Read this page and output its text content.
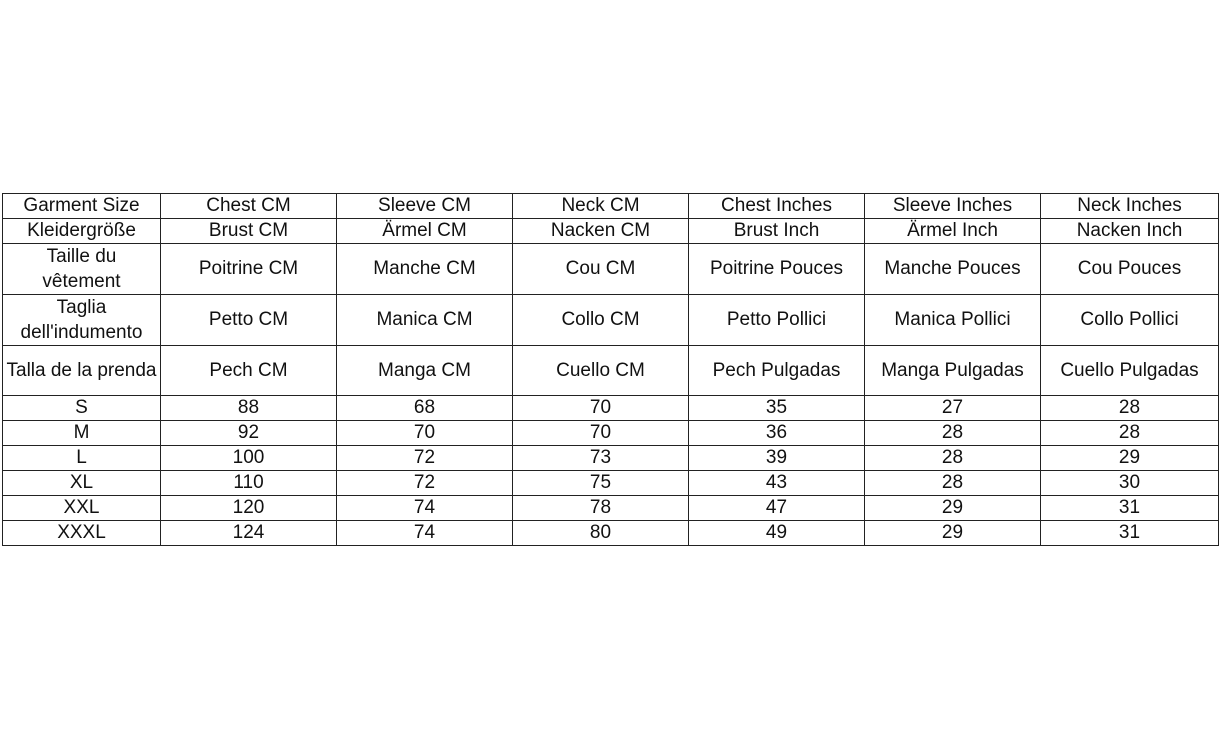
Garment Size	Chest CM	Sleeve CM	Neck CM	Chest Inches	Sleeve Inches	Neck Inches
Kleidergröße	Brust CM	Ärmel CM	Nacken CM	Brust Inch	Ärmel Inch	Nacken Inch
Taille du vêtement	Poitrine CM	Manche CM	Cou CM	Poitrine Pouces	Manche Pouces	Cou Pouces
Taglia dell'indumento	Petto CM	Manica CM	Collo CM	Petto Pollici	Manica Pollici	Collo Pollici
Talla de la prenda	Pech CM	Manga CM	Cuello CM	Pech Pulgadas	Manga Pulgadas	Cuello Pulgadas
S	88	68	70	35	27	28
M	92	70	70	36	28	28
L	100	72	73	39	28	29
XL	110	72	75	43	28	30
XXL	120	74	78	47	29	31
XXXL	124	74	80	49	29	31
